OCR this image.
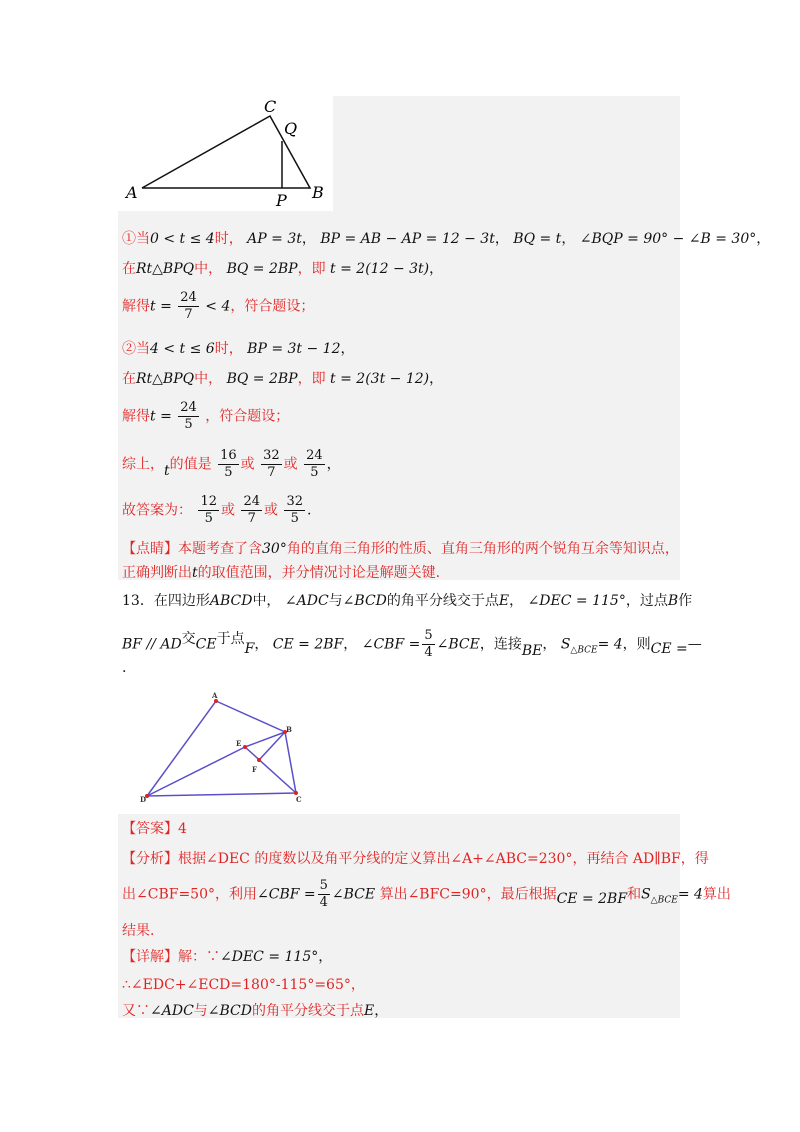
C
Q
A	B
P
①当0 < t ≤ 4时， AP = 3t， BP = AB − AP = 12 − 3t， BQ = t， ∠BQP = 90° − ∠B = 30°，
在Rt△BPQ中， BQ = 2BP，即 t = 2(12 − 3t)，
解得$t = \frac{24}{7} < 4$，符合题设；
②当4 < t ≤ 6时， BP = 3t − 12，
在Rt△BPQ中， BQ = 2BP，即 t = 2(3t − 12)，
解得$t = \frac{24}{5}$ ，符合题设；
综上，t的值是 $\frac{16}{5}$ 或 $\frac{32}{7}$ 或 $\frac{24}{5}$ ，
故答案为： $\frac{12}{5}$ 或 $\frac{24}{7}$ 或 $\frac{32}{5}$ .
【点睛】本题考查了含30°角的直角三角形的性质、直角三角形的两个锐角互余等知识点，
正确判断出t的取值范围，并分情况讨论是解题关键.
13．在四边形ABCD中， ∠ADC与∠BCD的角平分线交于点E， ∠DEC = 115°，过点B作
BF // AD交CE于点F， CE = 2BF， ∠CBF = $\frac{5}{4}$ ∠BCE，连接BE， $S_{\triangle BCE}= 4$，则CE =—
.
A
B
C
D
E
F
【答案】4
【分析】根据∠DEC 的度数以及角平分线的定义算出∠A+∠ABC=230°，再结合 AD∥BF，得
出∠CBF=50°，利用∠CBF = $\frac{5}{4}$ ∠BCE 算出∠BFC=90°，最后根据CE = 2BF和$S_{\triangle BCE}= 4$算出
结果.
【详解】解：∵∠DEC = 115°，
∴∠EDC+∠ECD=180°-115°=65°，
又∵∠ADC与∠BCD的角平分线交于点E，
